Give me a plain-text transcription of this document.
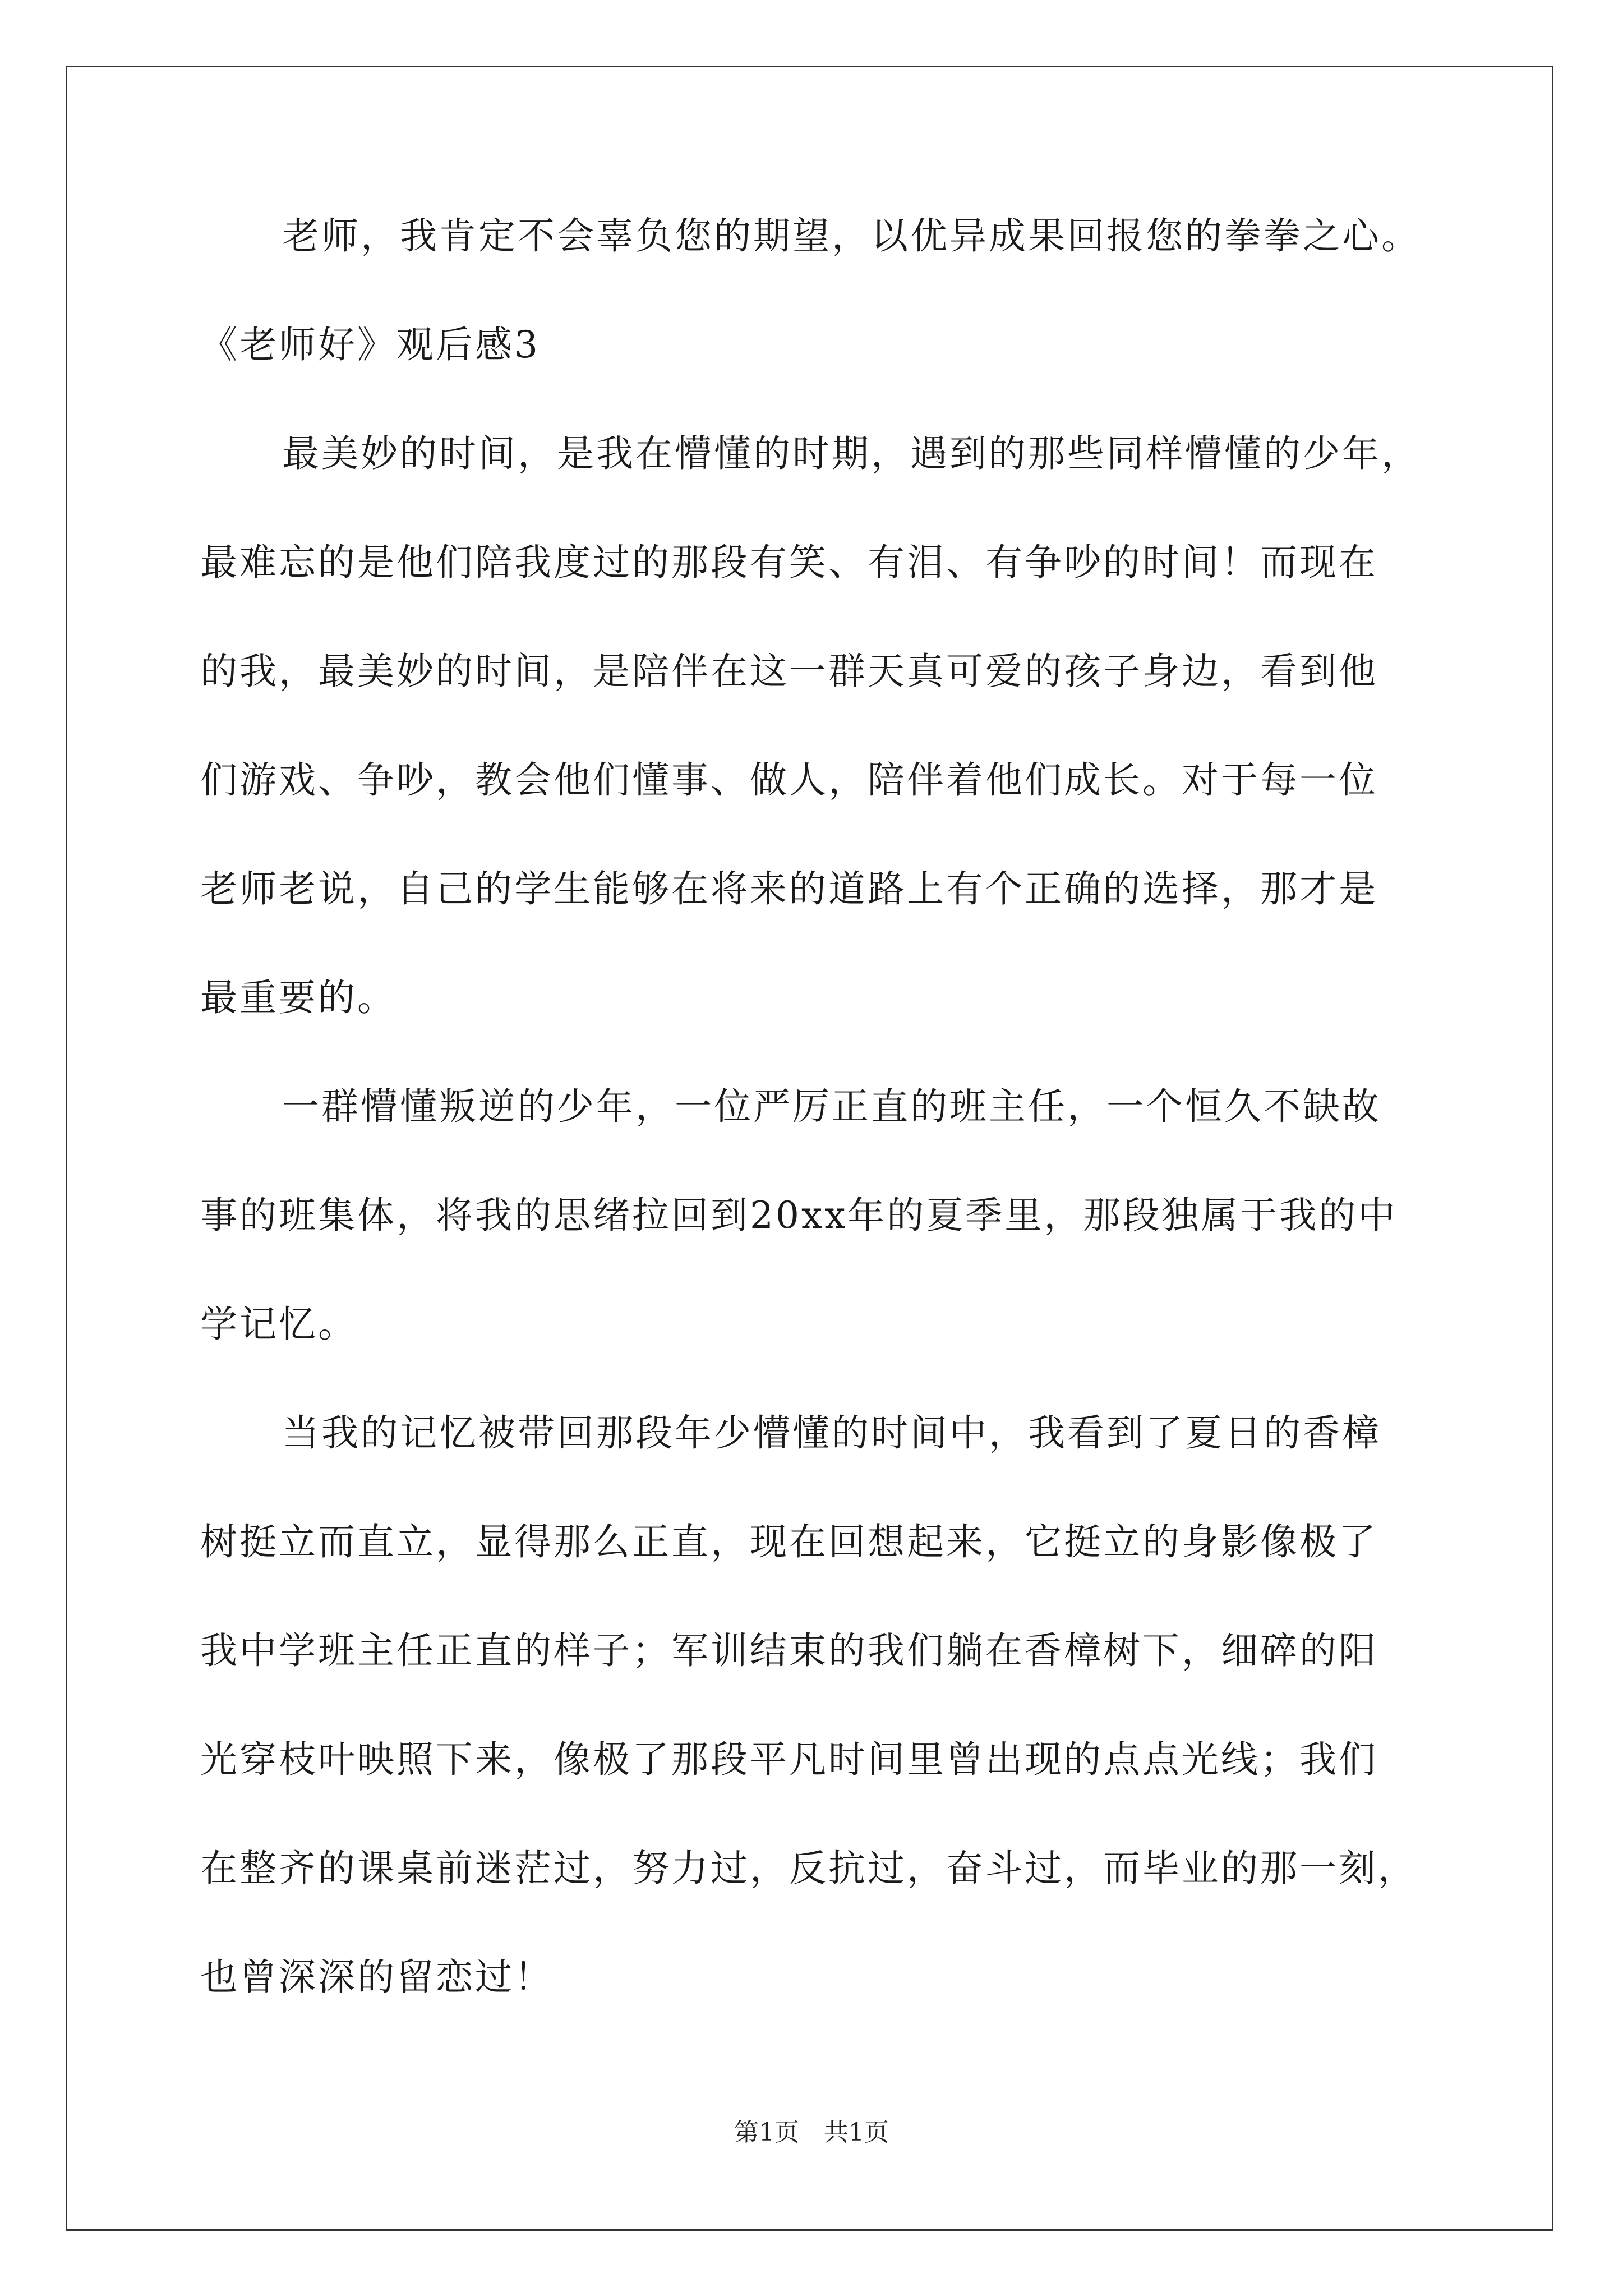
老师，我肯定不会辜负您的期望，以优异成果回报您的拳拳之心。
《老师好》观后感3
最美妙的时间，是我在懵懂的时期，遇到的那些同样懵懂的少年，
最难忘的是他们陪我度过的那段有笑、有泪、有争吵的时间！而现在
的我，最美妙的时间，是陪伴在这一群天真可爱的孩子身边，看到他
们游戏、争吵，教会他们懂事、做人，陪伴着他们成长。对于每一位
老师老说，自己的学生能够在将来的道路上有个正确的选择，那才是
最重要的。
一群懵懂叛逆的少年，一位严厉正直的班主任，一个恒久不缺故
事的班集体，将我的思绪拉回到20xx年的夏季里，那段独属于我的中
学记忆。
当我的记忆被带回那段年少懵懂的时间中，我看到了夏日的香樟
树挺立而直立，显得那么正直，现在回想起来，它挺立的身影像极了
我中学班主任正直的样子；军训结束的我们躺在香樟树下，细碎的阳
光穿枝叶映照下来，像极了那段平凡时间里曾出现的点点光线；我们
在整齐的课桌前迷茫过，努力过，反抗过，奋斗过，而毕业的那一刻，
也曾深深的留恋过！
第1页 共1页
